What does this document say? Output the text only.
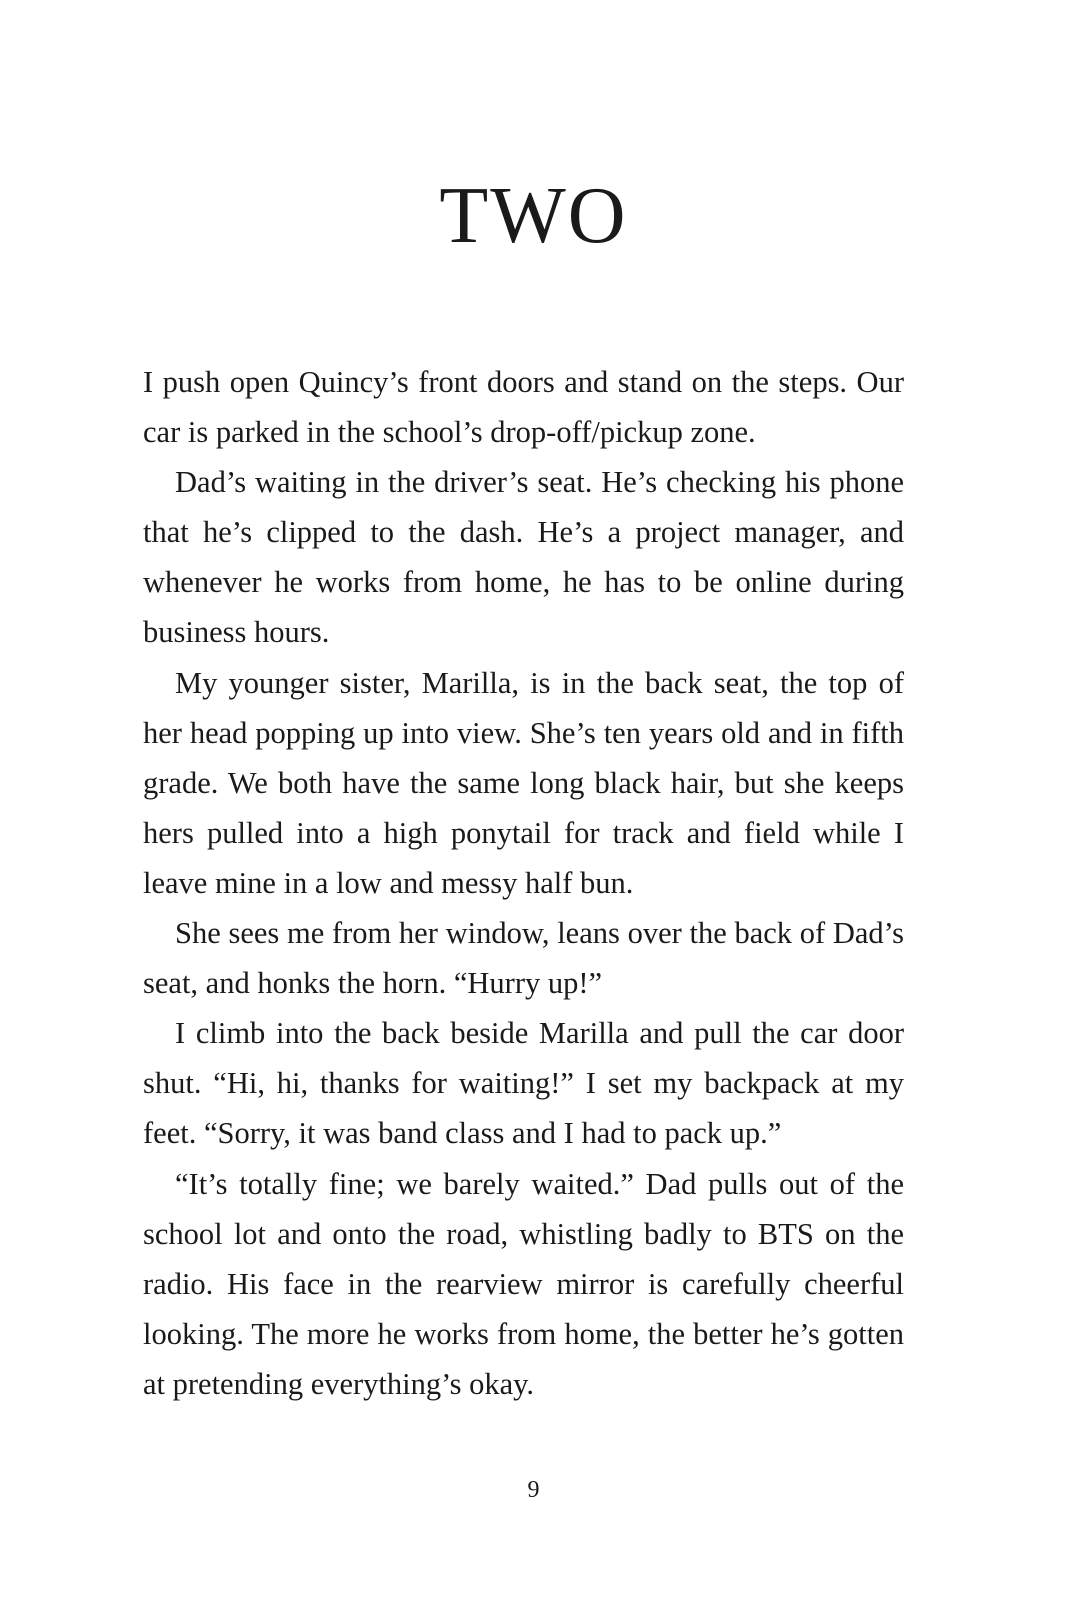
TWO

I push open Quincy’s front doors and stand on the steps. Our car is parked in the school’s drop-off/pickup zone.

Dad’s waiting in the driver’s seat. He’s checking his phone that he’s clipped to the dash. He’s a project manager, and whenever he works from home, he has to be online during business hours.

My younger sister, Marilla, is in the back seat, the top of her head popping up into view. She’s ten years old and in fifth grade. We both have the same long black hair, but she keeps hers pulled into a high ponytail for track and field while I leave mine in a low and messy half bun.

She sees me from her window, leans over the back of Dad’s seat, and honks the horn. “Hurry up!”

I climb into the back beside Marilla and pull the car door shut. “Hi, hi, thanks for waiting!” I set my backpack at my feet. “Sorry, it was band class and I had to pack up.”

“It’s totally fine; we barely waited.” Dad pulls out of the school lot and onto the road, whistling badly to BTS on the radio. His face in the rearview mirror is carefully cheerful looking. The more he works from home, the better he’s gotten at pretending everything’s okay.

9
